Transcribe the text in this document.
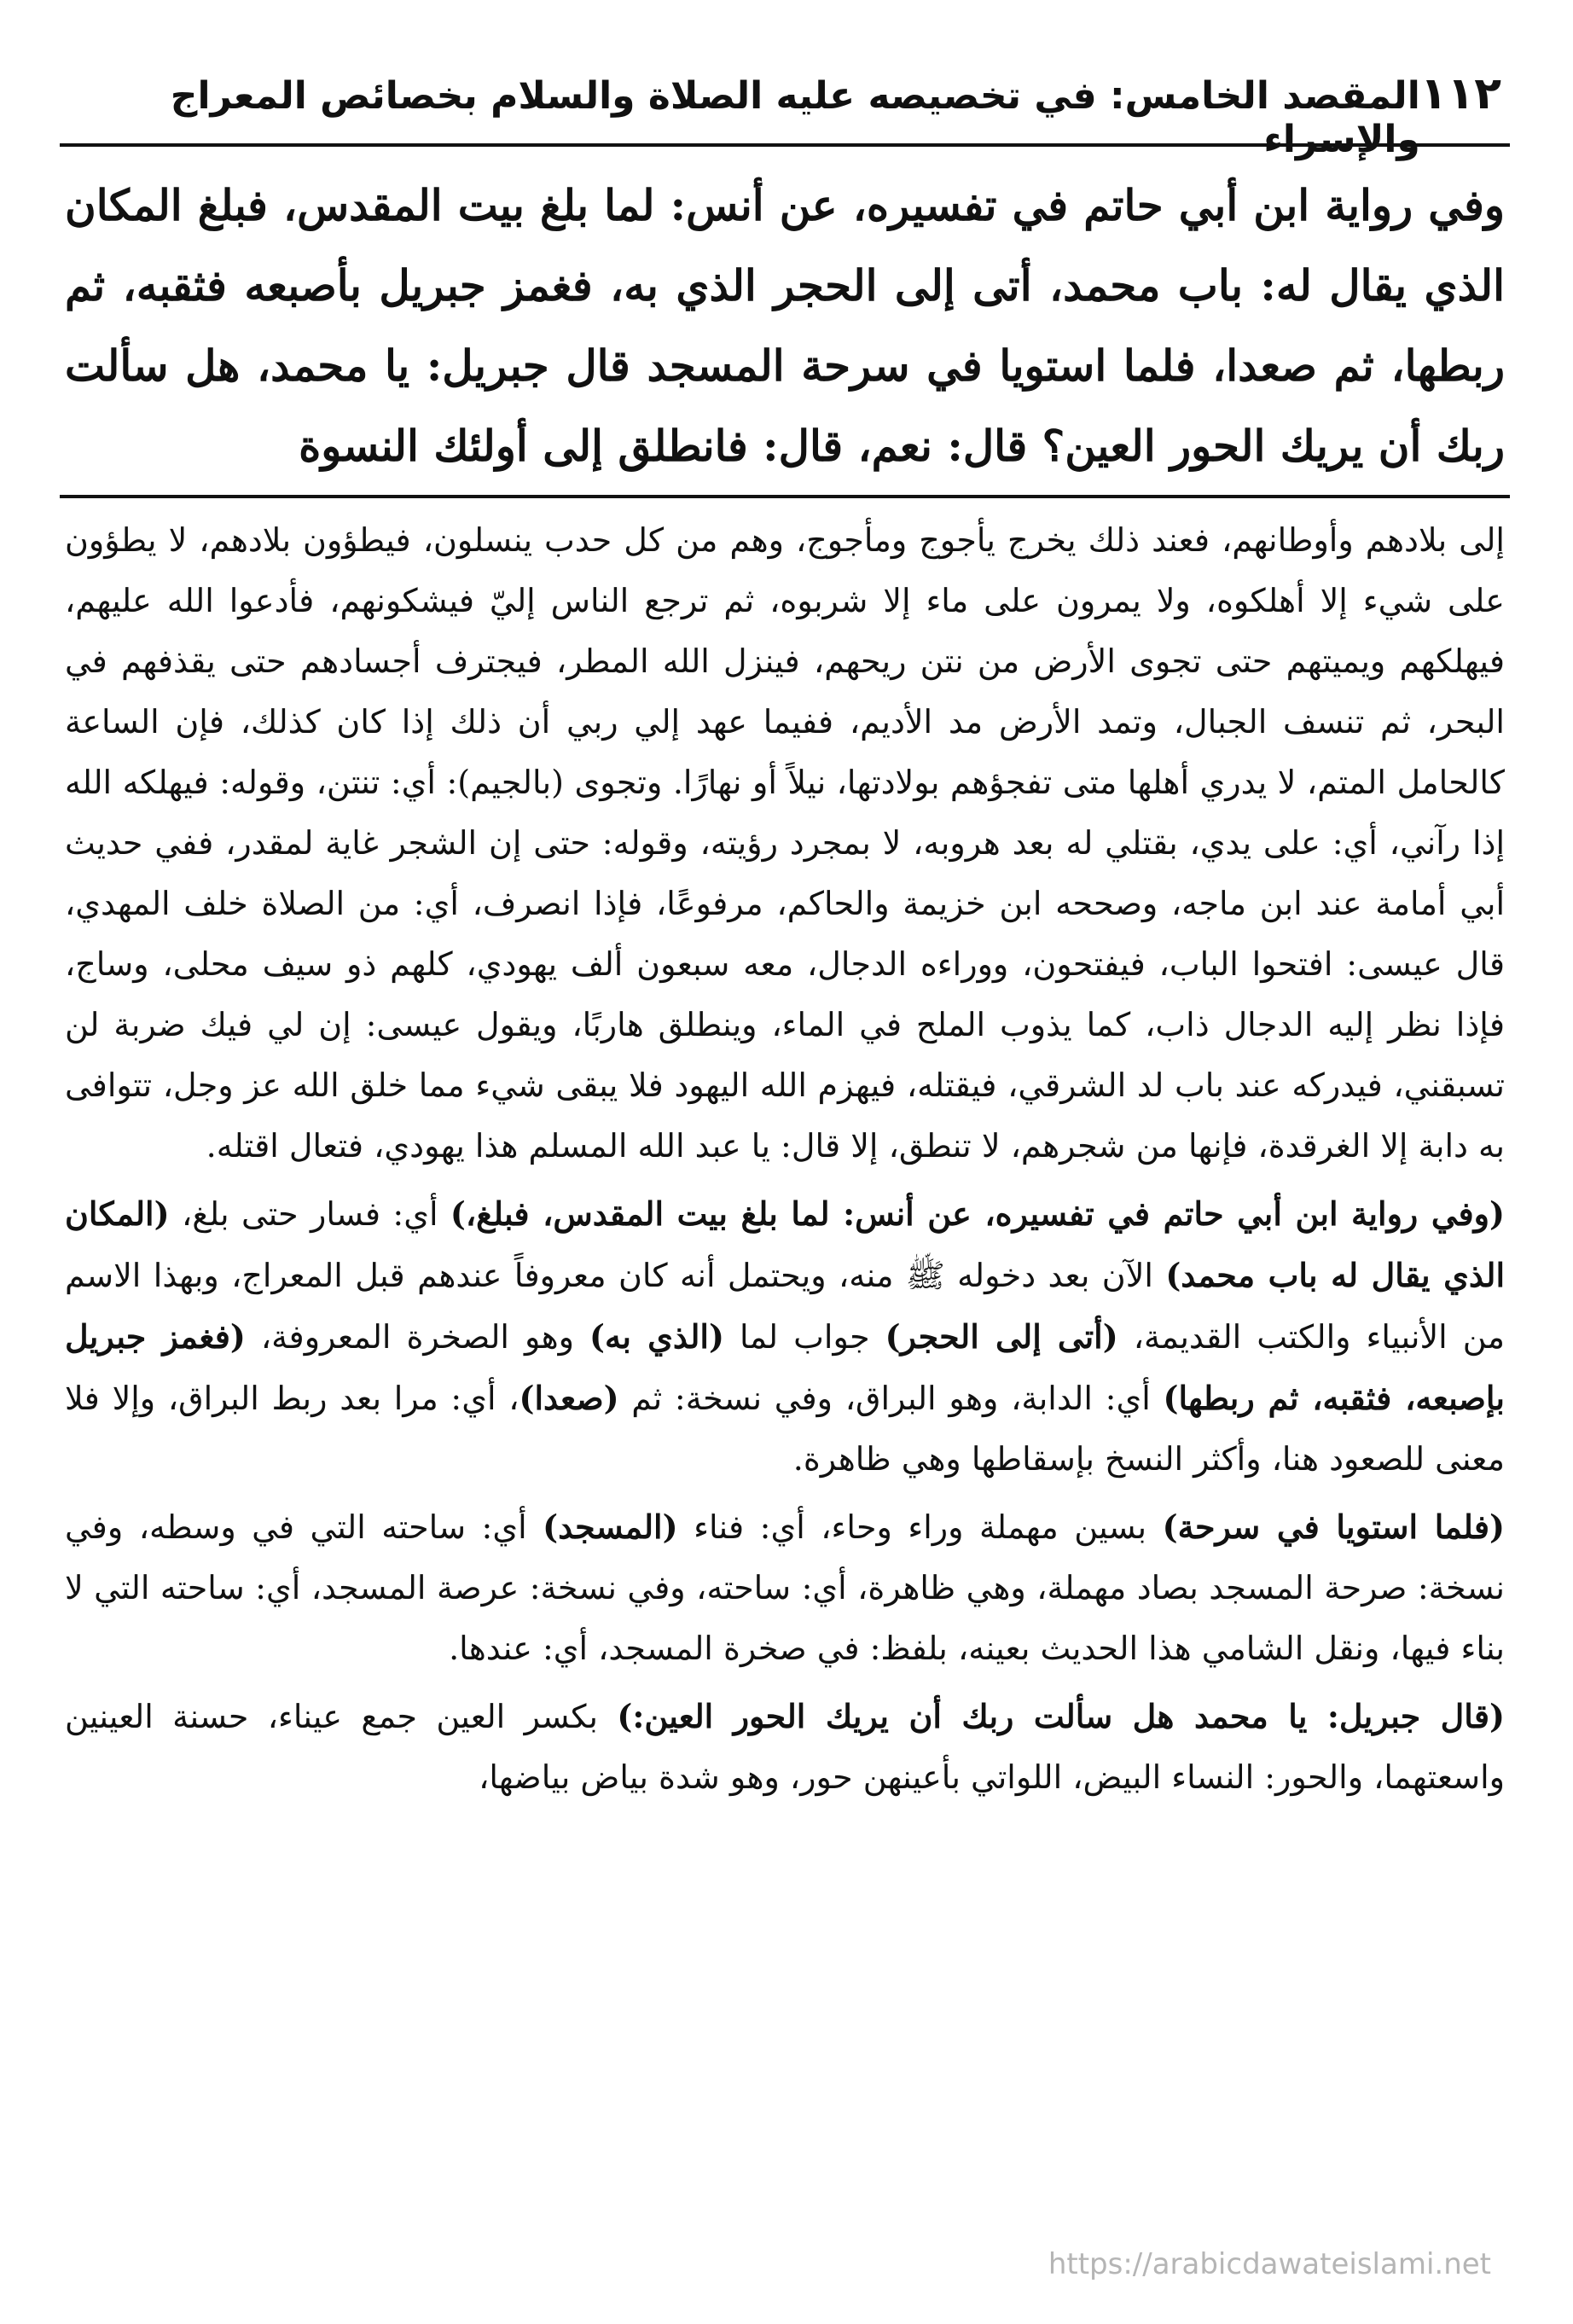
١١٢
المقصد الخامس: في تخصيصه عليه الصلاة والسلام بخصائص المعراج والإسراء
وفي رواية ابن أبي حاتم في تفسيره، عن أنس: لما بلغ بيت المقدس، فبلغ المكان الذي يقال له: باب محمد، أتى إلى الحجر الذي به، فغمز جبريل بأصبعه فثقبه، ثم ربطها، ثم صعدا، فلما استويا في سرحة المسجد قال جبريل: يا محمد، هل سألت ربك أن يريك الحور العين؟ قال: نعم، قال: فانطلق إلى أولئك النسوة

إلى بلادهم وأوطانهم، فعند ذلك يخرج يأجوج ومأجوج، وهم من كل حدب ينسلون، فيطؤون بلادهم، لا يطؤون على شيء إلا أهلكوه، ولا يمرون على ماء إلا شربوه، ثم ترجع الناس إليّ فيشكونهم، فأدعوا الله عليهم، فيهلكهم ويميتهم حتى تجوى الأرض من نتن ريحهم، فينزل الله المطر، فيجترف أجسادهم حتى يقذفهم في البحر، ثم تنسف الجبال، وتمد الأرض مد الأديم، ففيما عهد إلي ربي أن ذلك إذا كان كذلك، فإن الساعة كالحامل المتم، لا يدري أهلها متى تفجؤهم بولادتها، نيلاً أو نهارًا. وتجوى (بالجيم): أي: تنتن، وقوله: فيهلكه الله إذا رآني، أي: على يدي، بقتلي له بعد هروبه، لا بمجرد رؤيته، وقوله: حتى إن الشجر غاية لمقدر، ففي حديث أبي أمامة عند ابن ماجه، وصححه ابن خزيمة والحاكم، مرفوعًا، فإذا انصرف، أي: من الصلاة خلف المهدي، قال عيسى: افتحوا الباب، فيفتحون، ووراءه الدجال، معه سبعون ألف يهودي، كلهم ذو سيف محلى، وساج، فإذا نظر إليه الدجال ذاب، كما يذوب الملح في الماء، وينطلق هاربًا، ويقول عيسى: إن لي فيك ضربة لن تسبقني، فيدركه عند باب لد الشرقي، فيقتله، فيهزم الله اليهود فلا يبقى شيء مما خلق الله عز وجل، تتوافى به دابة إلا الغرقدة، فإنها من شجرهم، لا تنطق، إلا قال: يا عبد الله المسلم هذا يهودي، فتعال اقتله.

(وفي رواية ابن أبي حاتم في تفسيره، عن أنس: لما بلغ بيت المقدس، فبلغ،) أي: فسار حتى بلغ، (المكان الذي يقال له باب محمد) الآن بعد دخوله ﷺ منه، ويحتمل أنه كان معروفاً عندهم قبل المعراج، وبهذا الاسم من الأنبياء والكتب القديمة، (أتى إلى الحجر) جواب لما (الذي به) وهو الصخرة المعروفة، (فغمز جبريل بإصبعه، فثقبه، ثم ربطها) أي: الدابة، وهو البراق، وفي نسخة: ثم (صعدا)، أي: مرا بعد ربط البراق، وإلا فلا معنى للصعود هنا، وأكثر النسخ بإسقاطها وهي ظاهرة.

(فلما استويا في سرحة) بسين مهملة وراء وحاء، أي: فناء (المسجد) أي: ساحته التي في وسطه، وفي نسخة: صرحة المسجد بصاد مهملة، وهي ظاهرة، أي: ساحته، وفي نسخة: عرصة المسجد، أي: ساحته التي لا بناء فيها، ونقل الشامي هذا الحديث بعينه، بلفظ: في صخرة المسجد، أي: عندها.

(قال جبريل: يا محمد هل سألت ربك أن يريك الحور العين:) بكسر العين جمع عيناء، حسنة العينين واسعتهما، والحور: النساء البيض، اللواتي بأعينهن حور، وهو شدة بياض بياضها،

https://arabicdawateislami.net
